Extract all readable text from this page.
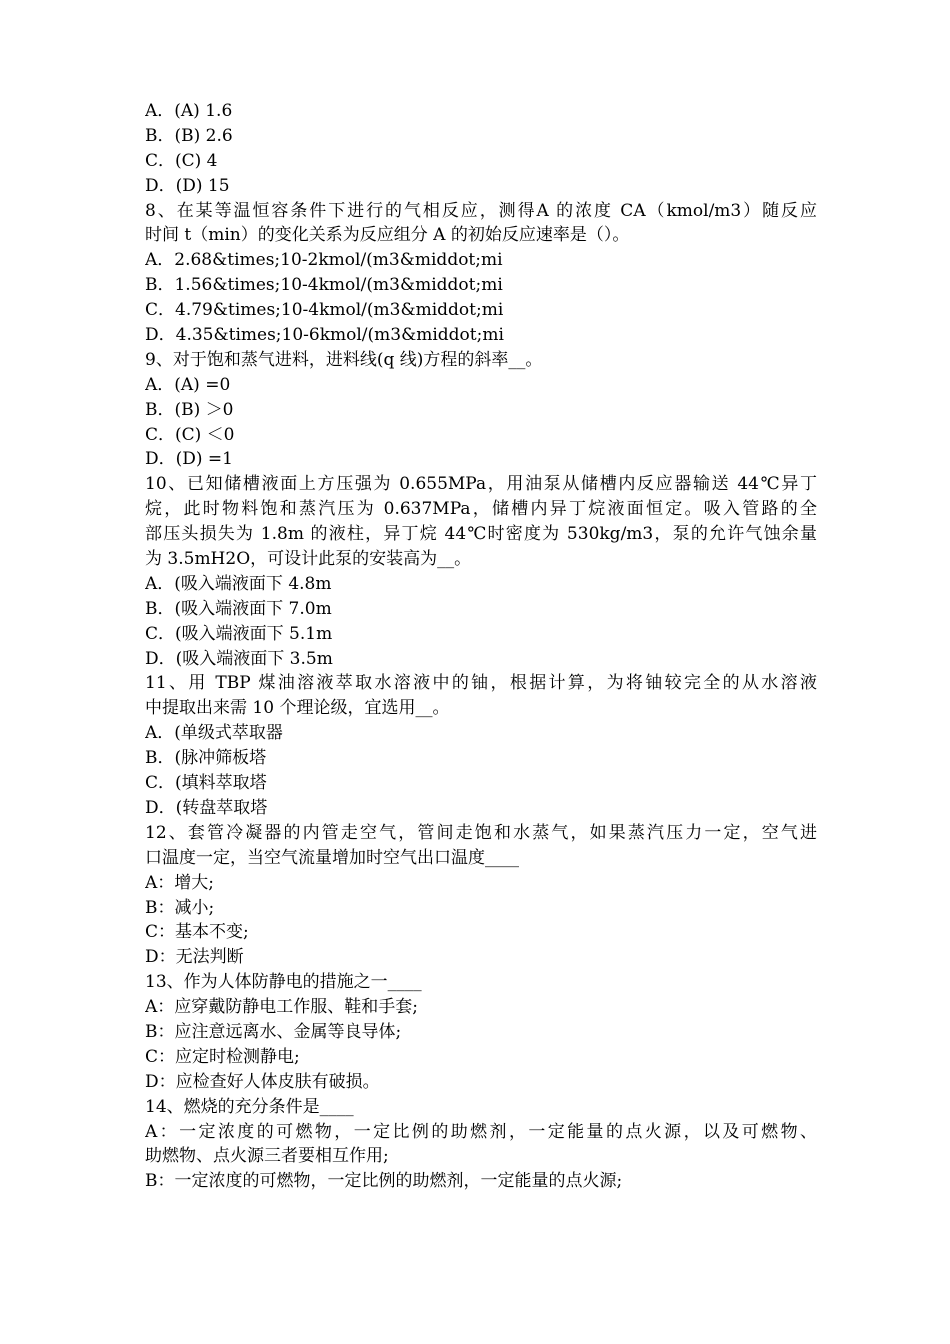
A．(A) 1.6
B．(B) 2.6
C．(C) 4
D．(D) 15
8、在某等温恒容条件下进行的气相反应，测得A 的浓度 CA（kmol/m3）随反应
时间 t（min）的变化关系为反应组分 A 的初始反应速率是（）。
A．2.68&times;10-2kmol/(m3&middot;mi
B．1.56&times;10-4kmol/(m3&middot;mi
C．4.79&times;10-4kmol/(m3&middot;mi
D．4.35&times;10-6kmol/(m3&middot;mi
9、对于饱和蒸气进料，进料线(q 线)方程的斜率__。
A．(A) =0
B．(B) ＞0
C．(C) ＜0
D．(D) =1
10、已知储槽液面上方压强为 0.655MPa，用油泵从储槽内反应器输送 44℃异丁
烷，此时物料饱和蒸汽压为 0.637MPa，储槽内异丁烷液面恒定。吸入管路的全
部压头损失为 1.8m 的液柱，异丁烷 44℃时密度为 530kg/m3，泵的允许气蚀余量
为 3.5mH2O，可设计此泵的安装高为__。
A．(吸入端液面下 4.8m
B．(吸入端液面下 7.0m
C．(吸入端液面下 5.1m
D．(吸入端液面下 3.5m
11、用 TBP 煤油溶液萃取水溶液中的铀，根据计算，为将铀较完全的从水溶液
中提取出来需 10 个理论级，宜选用__。
A．(单级式萃取器
B．(脉冲筛板塔
C．(填料萃取塔
D．(转盘萃取塔
12、套管冷凝器的内管走空气，管间走饱和水蒸气，如果蒸汽压力一定，空气进
口温度一定，当空气流量增加时空气出口温度____
A：增大;
B：减小;
C：基本不变;
D：无法判断
13、作为人体防静电的措施之一____
A：应穿戴防静电工作服、鞋和手套;
B：应注意远离水、金属等良导体;
C：应定时检测静电;
D：应检查好人体皮肤有破损。
14、燃烧的充分条件是____
A：一定浓度的可燃物，一定比例的助燃剂，一定能量的点火源，以及可燃物、
助燃物、点火源三者要相互作用;
B：一定浓度的可燃物，一定比例的助燃剂，一定能量的点火源;
